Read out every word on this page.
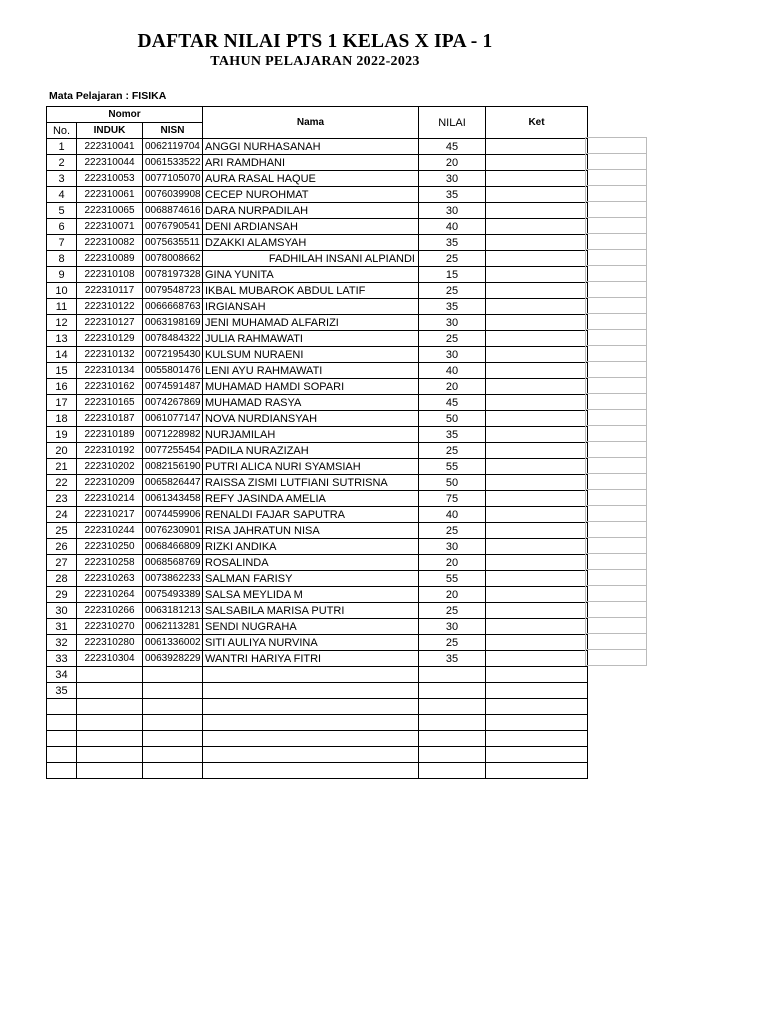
DAFTAR NILAI PTS 1 KELAS X IPA - 1
TAHUN PELAJARAN 2022-2023
Mata Pelajaran : FISIKA
Nomor			Nama	NILAI	Ket
No.	INDUK	NISN			
1	222310041	0062119704	ANGGI NURHASANAH	45	
2	222310044	0061533522	ARI RAMDHANI	20	
3	222310053	0077105070	AURA RASAL HAQUE	30	
4	222310061	0076039908	CECEP NUROHMAT	35	
5	222310065	0068874616	DARA NURPADILAH	30	
6	222310071	0076790541	DENI ARDIANSAH	40	
7	222310082	0075635511	DZAKKI ALAMSYAH	35	
8	222310089	0078008662	FADHILAH INSANI ALPIANDI	25	
9	222310108	0078197328	GINA YUNITA	15	
10	222310117	0079548723	IKBAL MUBAROK ABDUL LATIF	25	
11	222310122	0066668763	IRGIANSAH	35	
12	222310127	0063198169	JENI MUHAMAD ALFARIZI	30	
13	222310129	0078484322	JULIA RAHMAWATI	25	
14	222310132	0072195430	KULSUM NURAENI	30	
15	222310134	0055801476	LENI AYU RAHMAWATI	40	
16	222310162	0074591487	MUHAMAD HAMDI SOPARI	20	
17	222310165	0074267869	MUHAMAD RASYA	45	
18	222310187	0061077147	NOVA NURDIANSYAH	50	
19	222310189	0071228982	NURJAMILAH	35	
20	222310192	0077255454	PADILA NURAZIZAH	25	
21	222310202	0082156190	PUTRI ALICA NURI SYAMSIAH	55	
22	222310209	0065826447	RAISSA ZISMI LUTFIANI SUTRISNA	50	
23	222310214	0061343458	REFY JASINDA AMELIA	75	
24	222310217	0074459906	RENALDI FAJAR SAPUTRA	40	
25	222310244	0076230901	RISA JAHRATUN NISA	25	
26	222310250	0068466809	RIZKI ANDIKA	30	
27	222310258	0068568769	ROSALINDA	20	
28	222310263	0073862233	SALMAN FARISY	55	
29	222310264	0075493389	SALSA MEYLIDA M	20	
30	222310266	0063181213	SALSABILA MARISA PUTRI	25	
31	222310270	0062113281	SENDI NUGRAHA	30	
32	222310280	0061336002	SITI AULIYA NURVINA	25	
33	222310304	0063928229	WANTRI HARIYA FITRI	35	
34					
35					
